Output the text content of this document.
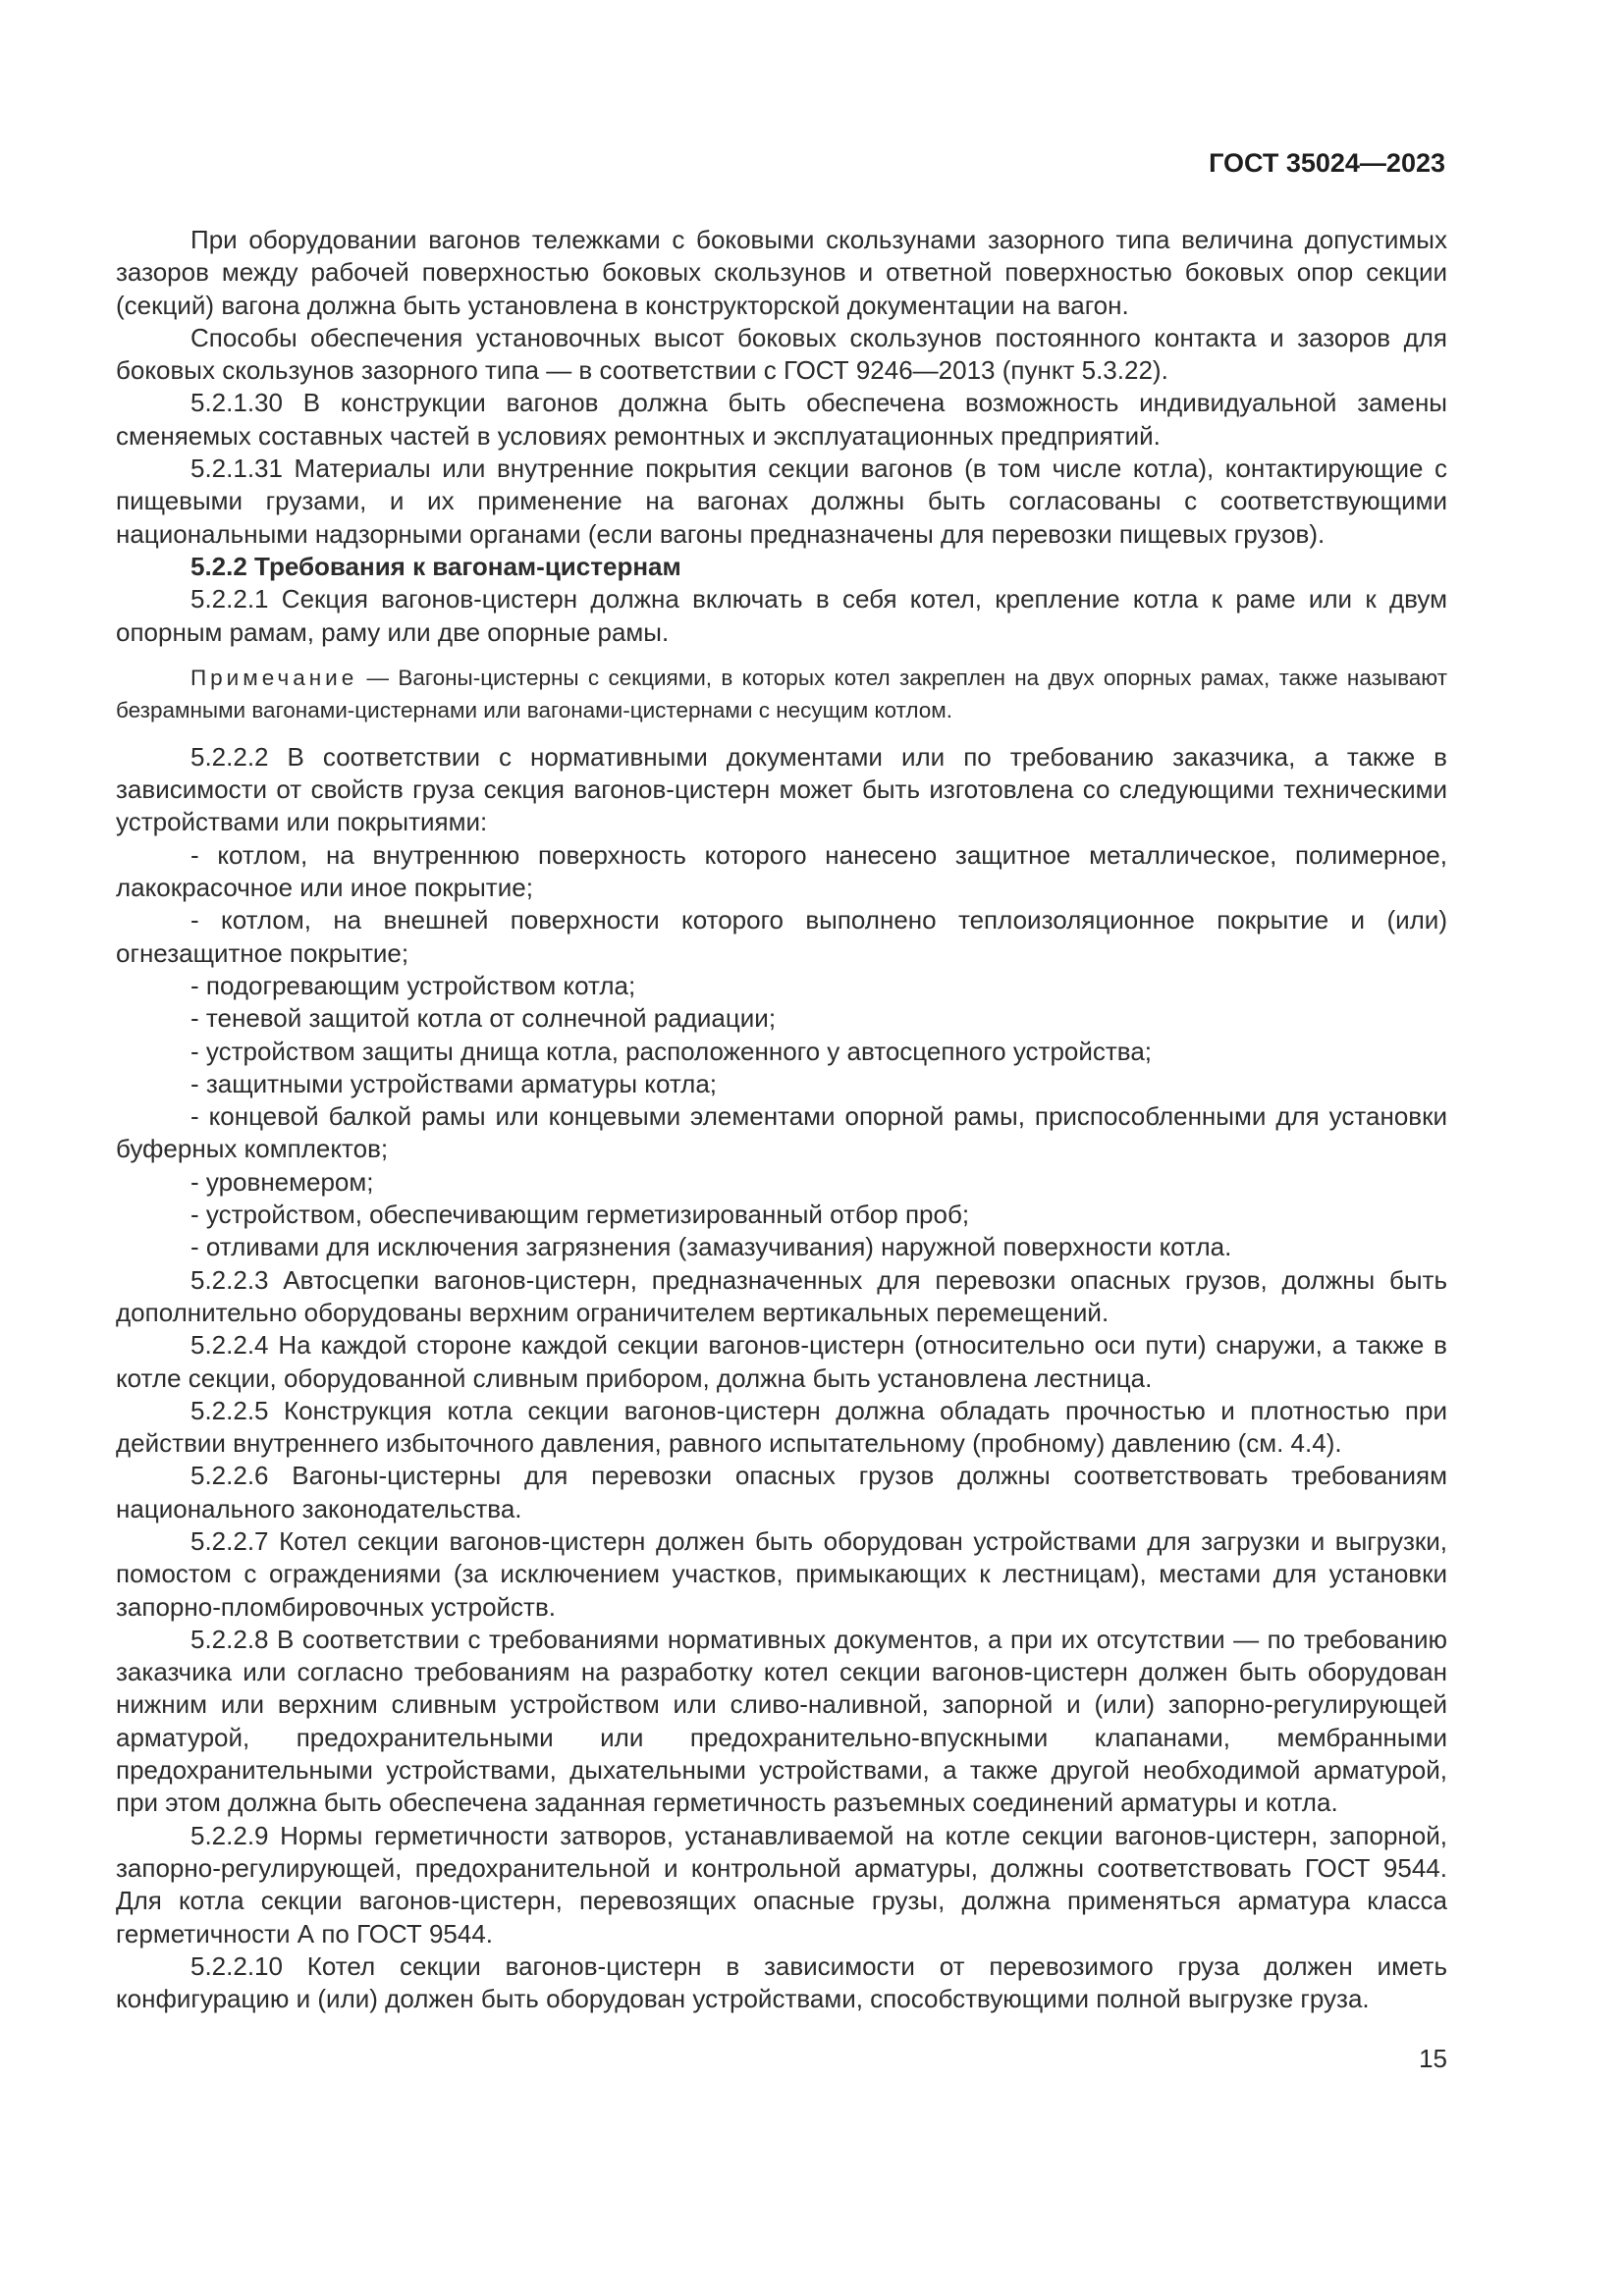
ГОСТ 35024—2023

При оборудовании вагонов тележками с боковыми скользунами зазорного типа величина допустимых зазоров между рабочей поверхностью боковых скользунов и ответной поверхностью боковых опор секции (секций) вагона должна быть установлена в конструкторской документации на вагон.

Способы обеспечения установочных высот боковых скользунов постоянного контакта и зазоров для боковых скользунов зазорного типа — в соответствии с ГОСТ 9246—2013 (пункт 5.3.22).

5.2.1.30 В конструкции вагонов должна быть обеспечена возможность индивидуальной замены сменяемых составных частей в условиях ремонтных и эксплуатационных предприятий.

5.2.1.31 Материалы или внутренние покрытия секции вагонов (в том числе котла), контактирующие с пищевыми грузами, и их применение на вагонах должны быть согласованы с соответствующими национальными надзорными органами (если вагоны предназначены для перевозки пищевых грузов).

5.2.2 Требования к вагонам-цистернам

5.2.2.1 Секция вагонов-цистерн должна включать в себя котел, крепление котла к раме или к двум опорным рамам, раму или две опорные рамы.

Примечание — Вагоны-цистерны с секциями, в которых котел закреплен на двух опорных рамах, также называют безрамными вагонами-цистернами или вагонами-цистернами с несущим котлом.

5.2.2.2 В соответствии с нормативными документами или по требованию заказчика, а также в зависимости от свойств груза секция вагонов-цистерн может быть изготовлена со следующими техническими устройствами или покрытиями:

- котлом, на внутреннюю поверхность которого нанесено защитное металлическое, полимерное, лакокрасочное или иное покрытие;

- котлом, на внешней поверхности которого выполнено теплоизоляционное покрытие и (или) огнезащитное покрытие;

- подогревающим устройством котла;

- теневой защитой котла от солнечной радиации;

- устройством защиты днища котла, расположенного у автосцепного устройства;

- защитными устройствами арматуры котла;

- концевой балкой рамы или концевыми элементами опорной рамы, приспособленными для установки буферных комплектов;

- уровнемером;

- устройством, обеспечивающим герметизированный отбор проб;

- отливами для исключения загрязнения (замазучивания) наружной поверхности котла.

5.2.2.3 Автосцепки вагонов-цистерн, предназначенных для перевозки опасных грузов, должны быть дополнительно оборудованы верхним ограничителем вертикальных перемещений.

5.2.2.4 На каждой стороне каждой секции вагонов-цистерн (относительно оси пути) снаружи, а также в котле секции, оборудованной сливным прибором, должна быть установлена лестница.

5.2.2.5 Конструкция котла секции вагонов-цистерн должна обладать прочностью и плотностью при действии внутреннего избыточного давления, равного испытательному (пробному) давлению (см. 4.4).

5.2.2.6 Вагоны-цистерны для перевозки опасных грузов должны соответствовать требованиям национального законодательства.

5.2.2.7 Котел секции вагонов-цистерн должен быть оборудован устройствами для загрузки и выгрузки, помостом с ограждениями (за исключением участков, примыкающих к лестницам), местами для установки запорно-пломбировочных устройств.

5.2.2.8 В соответствии с требованиями нормативных документов, а при их отсутствии — по требованию заказчика или согласно требованиям на разработку котел секции вагонов-цистерн должен быть оборудован нижним или верхним сливным устройством или сливо-наливной, запорной и (или) запорно-регулирующей арматурой, предохранительными или предохранительно-впускными клапанами, мембранными предохранительными устройствами, дыхательными устройствами, а также другой необходимой арматурой, при этом должна быть обеспечена заданная герметичность разъемных соединений арматуры и котла.

5.2.2.9 Нормы герметичности затворов, устанавливаемой на котле секции вагонов-цистерн, запорной, запорно-регулирующей, предохранительной и контрольной арматуры, должны соответствовать ГОСТ 9544. Для котла секции вагонов-цистерн, перевозящих опасные грузы, должна применяться арматура класса герметичности А по ГОСТ 9544.

5.2.2.10 Котел секции вагонов-цистерн в зависимости от перевозимого груза должен иметь конфигурацию и (или) должен быть оборудован устройствами, способствующими полной выгрузке груза.

15
